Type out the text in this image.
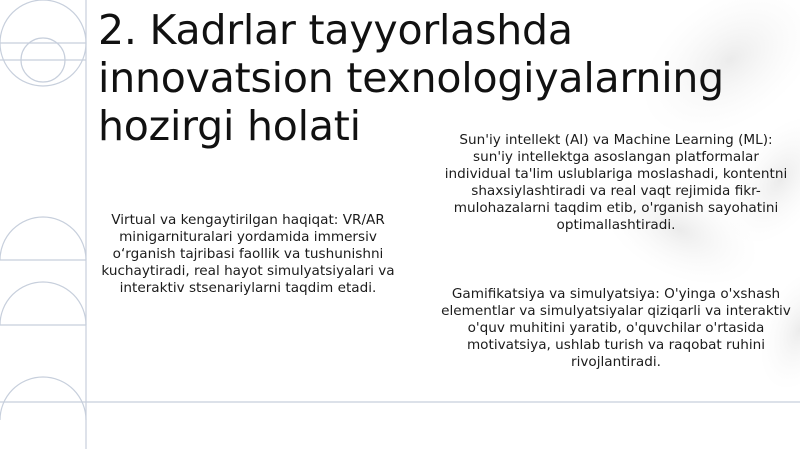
2. Kadrlar tayyorlashda innovatsion texnologiyalarning hozirgi holati	Sun'iy intellekt (AI) va Machine Learning (ML): sun'iy intellektga asoslangan platformalar individual ta'lim uslublariga moslashadi, kontentni shaxsiylashtiradi va real vaqt rejimida fikr-mulohazalarni taqdim etib, o'rganish sayohatini optimallashtiradi.
Virtual va kengaytirilgan haqiqat: VR/AR minigarnituralari yordamida immersiv o‘rganish tajribasi faollik va tushunishni kuchaytiradi, real hayot simulyatsiyalari va interaktiv stsenariylarni taqdim etadi.	Gamifikatsiya va simulyatsiya: O'yinga o'xshash elementlar va simulyatsiyalar qiziqarli va interaktiv o'quv muhitini yaratib, o'quvchilar o'rtasida motivatsiya, ushlab turish va raqobat ruhini rivojlantiradi.
